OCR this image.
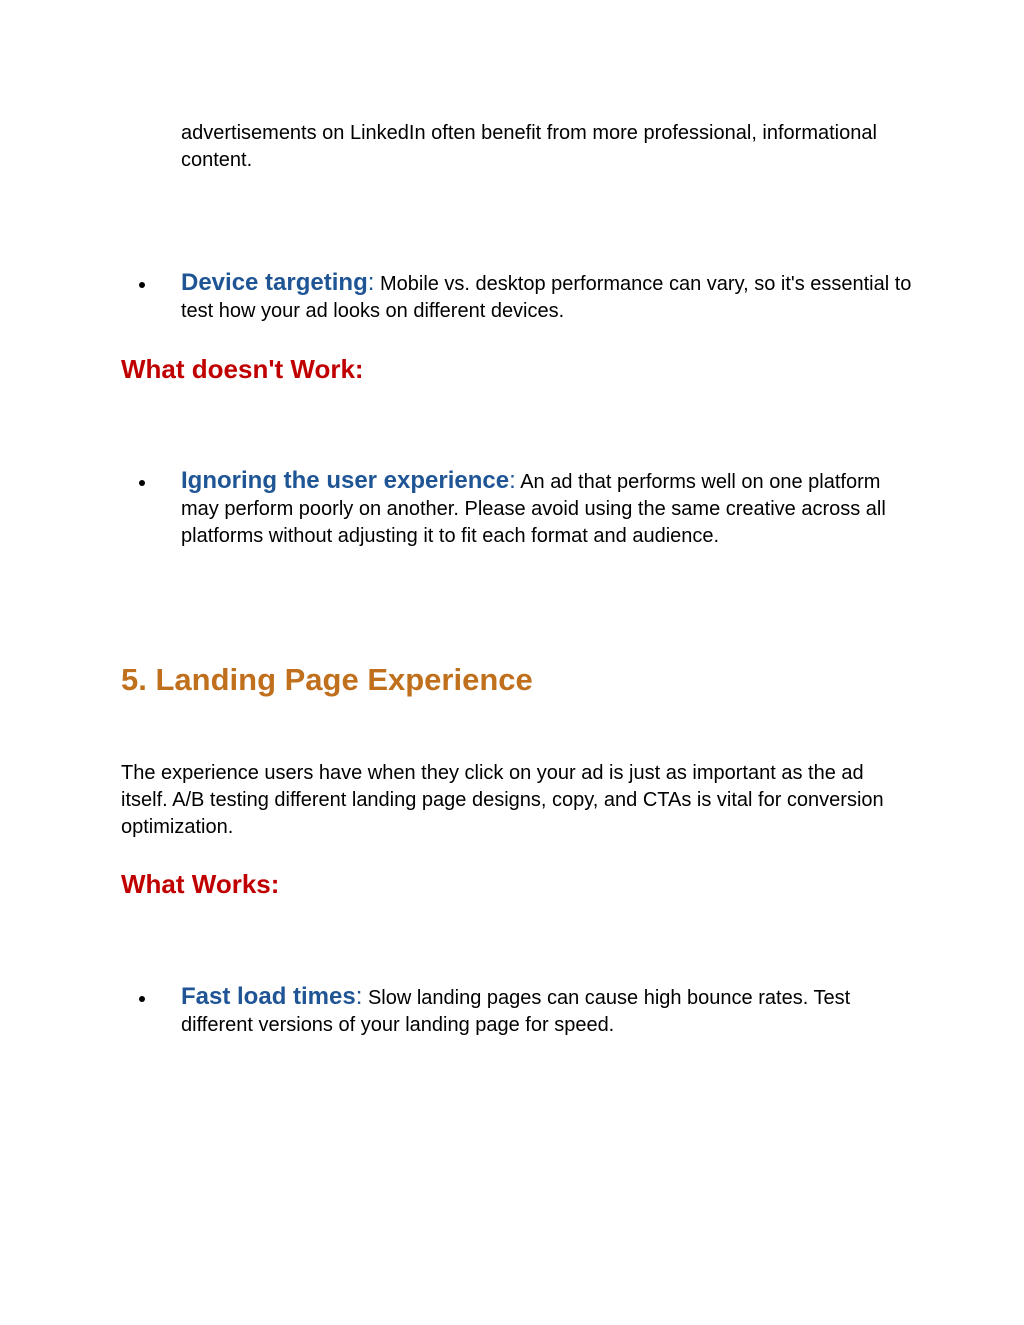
advertisements on LinkedIn often benefit from more professional, informational content.

Device targeting: Mobile vs. desktop performance can vary, so it's essential to test how your ad looks on different devices.

What doesn't Work:

Ignoring the user experience: An ad that performs well on one platform may perform poorly on another. Please avoid using the same creative across all platforms without adjusting it to fit each format and audience.

5. Landing Page Experience

The experience users have when they click on your ad is just as important as the ad itself. A/B testing different landing page designs, copy, and CTAs is vital for conversion optimization.

What Works:

Fast load times: Slow landing pages can cause high bounce rates. Test different versions of your landing page for speed.
